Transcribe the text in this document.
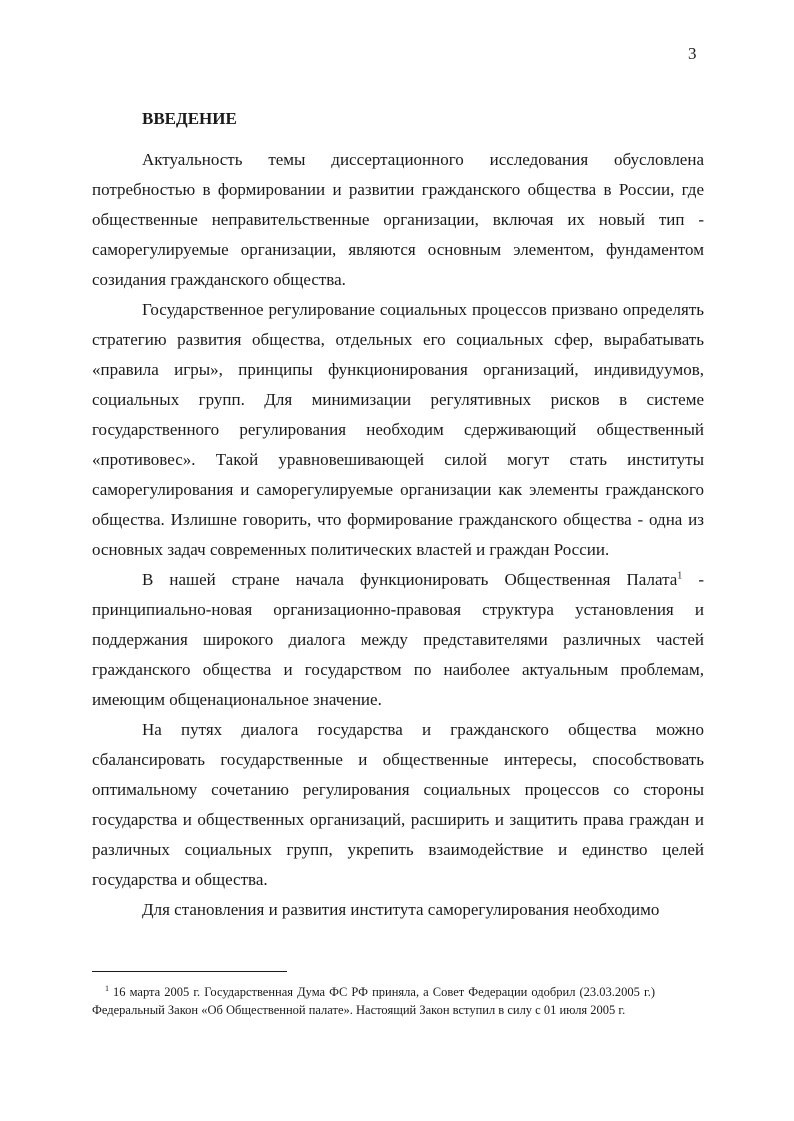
3
ВВЕДЕНИЕ

Актуальность темы диссертационного исследования обусловлена потребностью в формировании и развитии гражданского общества в России, где общественные неправительственные организации, включая их новый тип - саморегулируемые организации, являются основным элементом, фундаментом созидания гражданского общества.

Государственное регулирование социальных процессов призвано определять стратегию развития общества, отдельных его социальных сфер, вырабатывать «правила игры», принципы функционирования организаций, индивидуумов, социальных групп. Для минимизации регулятивных рисков в системе государственного регулирования необходим сдерживающий общественный «противовес». Такой уравновешивающей силой могут стать институты саморегулирования и саморегулируемые организации как элементы гражданского общества. Излишне говорить, что формирование гражданского общества - одна из основных задач современных политических властей и граждан России.

В нашей стране начала функционировать Общественная Палата$^1$ - принципиально-новая организационно-правовая структура установления и поддержания широкого диалога между представителями различных частей гражданского общества и государством по наиболее актуальным проблемам, имеющим общенациональное значение.

На путях диалога государства и гражданского общества можно сбалансировать государственные и общественные интересы, способствовать оптимальному сочетанию регулирования социальных процессов со стороны государства и общественных организаций, расширить и защитить права граждан и различных социальных групп, укрепить взаимодействие и единство целей государства и общества.

Для становления и развития института саморегулирования необходимо

$^1$ 16 марта 2005 г. Государственная Дума ФС РФ приняла, а Совет Федерации одобрил (23.03.2005 г.) Федеральный Закон «Об Общественной палате». Настоящий Закон вступил в силу с 01 июля 2005 г.
